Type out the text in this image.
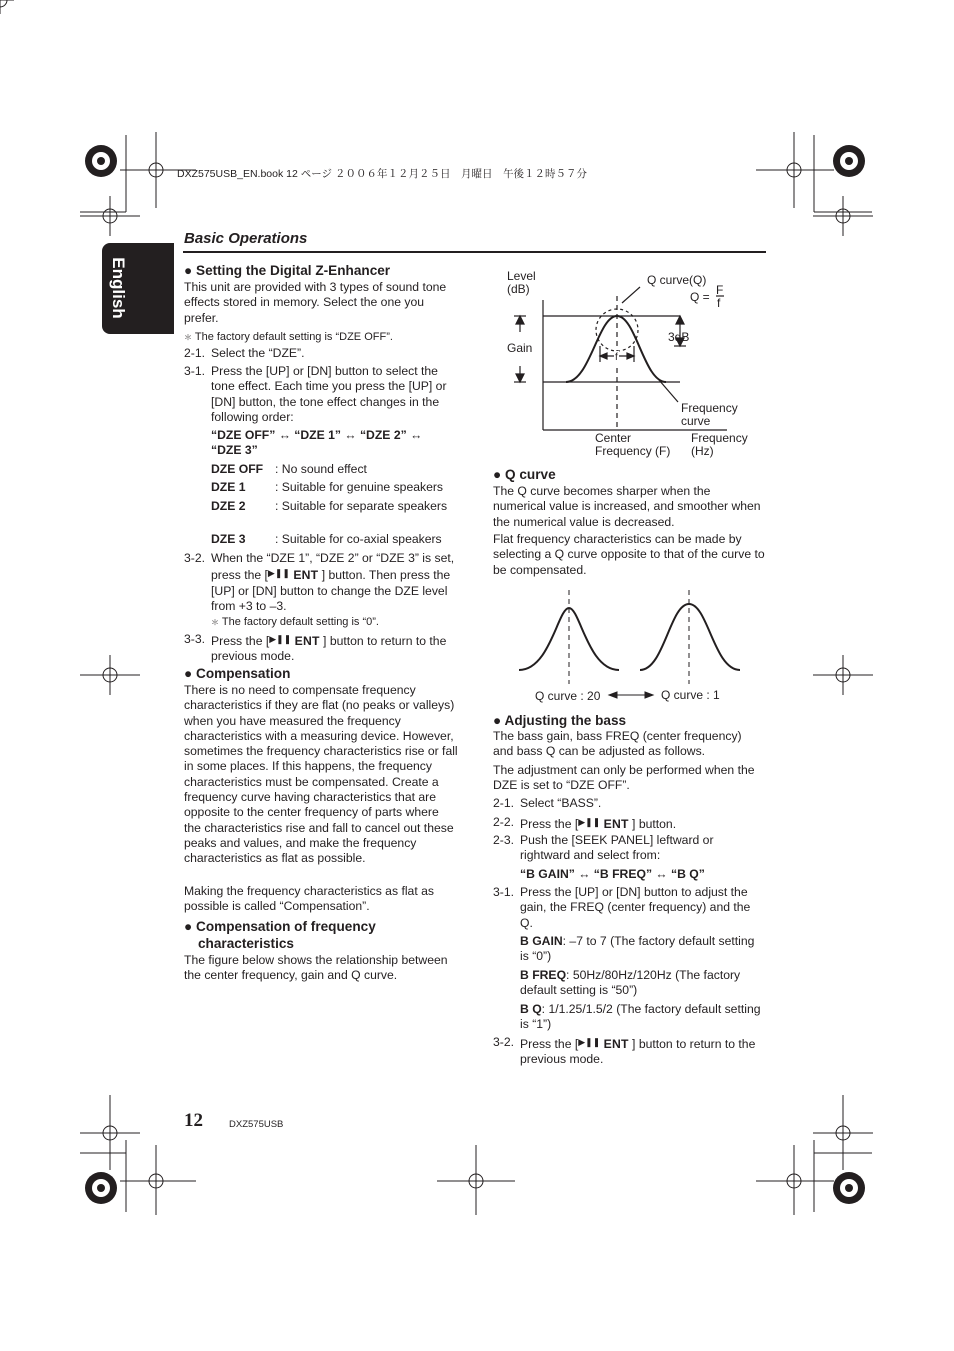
DXZ575USB_EN.book 12 ページ ２００６年１２月２５日　月曜日　午後１２時５７分
English
Basic Operations
● Setting the Digital Z-Enhancer

This unit are provided with 3 types of sound tone effects stored in memory. Select the one you prefer.

＊ The factory default setting is “DZE OFF”.
2-1. Select the “DZE”.
3-1. Press the [UP] or [DN] button to select the tone effect. Each time you press the [UP] or [DN] button, the tone effect changes in the following order:

“DZE OFF” ↔ “DZE 1” ↔ “DZE 2” ↔ “DZE 3”

DZE OFF : No sound effect
DZE 1 : Suitable for genuine speakers
DZE 2 : Suitable for separate speakers
DZE 3 : Suitable for co-axial speakers
3-2. When the “DZE 1”, “DZE 2” or “DZE 3” is set, press the [▶❚❚ ENT ] button. Then press the [UP] or [DN] button to change the DZE level from +3 to –3.
＊ The factory default setting is “0”.
3-3. Press the [▶❚❚ ENT ] button to return to the previous mode.
● Compensation

There is no need to compensate frequency characteristics if they are flat (no peaks or valleys) when you have measured the frequency characteristics with a measuring device. However, sometimes the frequency characteristics rise or fall in some places. If this happens, the frequency characteristics must be compensated. Create a frequency curve having characteristics that are opposite to the center frequency of parts where the characteristics rise and fall to cancel out these peaks and values, and make the frequency characteristics as flat as possible.

Making the frequency characteristics as flat as possible is called “Compensation”.

● Compensation of frequency
characteristics

The figure below shows the relationship between the center frequency, gain and Q curve.

Level
(dB)
Q curve(Q)
Q = F
f
Gain
3dB
f
Frequency
curve
Center
Frequency (F)
Frequency
(Hz)
● Q curve

The Q curve becomes sharper when the numerical value is increased, and smoother when the numerical value is decreased.

Flat frequency characteristics can be made by selecting a Q curve opposite to that of the curve to be compensated.

Q curve : 20	Q curve : 1
● Adjusting the bass

The bass gain, bass FREQ (center frequency) and bass Q can be adjusted as follows.

The adjustment can only be performed when the DZE is set to “DZE OFF”.

2-1. Select “BASS”.
2-2. Press the [▶❚❚ ENT ] button.
2-3. Push the [SEEK PANEL] leftward or rightward and select from:

“B GAIN” ↔ “B FREQ” ↔ “B Q”

3-1. Press the [UP] or [DN] button to adjust the gain, the FREQ (center frequency) and the Q.

B GAIN: –7 to 7 (The factory default setting is “0”)

B FREQ: 50Hz/80Hz/120Hz (The factory default setting is “50”)

B Q: 1/1.25/1.5/2 (The factory default setting is “1”)

3-2. Press the [▶❚❚ ENT ] button to return to the previous mode.
12	DXZ575USB
